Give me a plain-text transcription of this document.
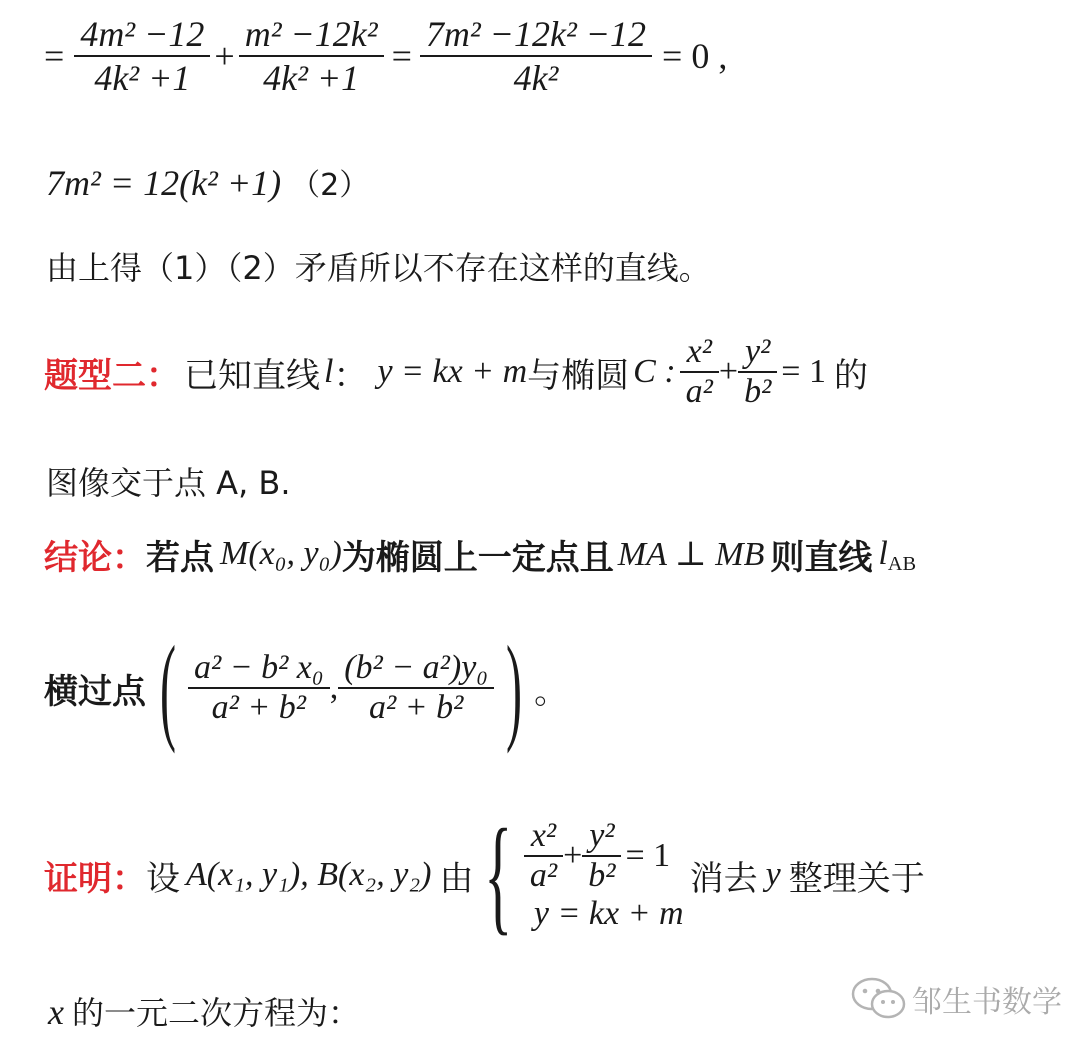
= $\frac{\text{4m² −12}}{\text{4k² +1}} + \frac{\text{m² −12k²}}{\text{4k² +1}} = \frac{\text{7m² −12k² −12}}{\text{4k²}} = 0$ ,
7m² = 12(k² +1) （2）
由上得（1）（2）矛盾所以不存在这样的直线。
题型二： 已知直线 l ： y = kx + m 与椭圆 C : $\frac{\text{x²}}{\text{a²}} + \frac{\text{y²}}{\text{b²}} = 1$ 的
图像交于点 A, B.
结论： 若点 M(x₀, y₀) 为椭圆上一定点且 MA ⊥ MB 则直线 $l_{AB}$
横过点 ( $\frac{\text{a² − b² x₀}}{\text{a² + b²}}$ , $\frac{\text{(b² − a²)y₀}}{\text{a² + b²}}$ ) 。
证明： 设 A(x₁, y₁), B(x₂, y₂) 由 { $\frac{\text{x²}}{\text{a²}} + \frac{\text{y²}}{\text{b²}} = 1$
y = kx + m
消去 y 整理关于
x 的一元二次方程为：	邹生书数学
